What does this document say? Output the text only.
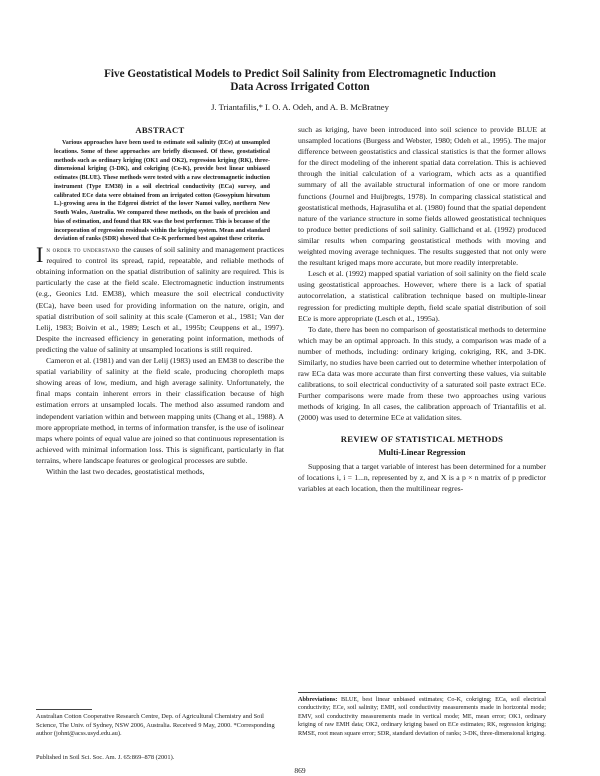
Five Geostatistical Models to Predict Soil Salinity from Electromagnetic Induction
Data Across Irrigated Cotton
J. Triantafilis,* I. O. A. Odeh, and A. B. McBratney
ABSTRACT

Various approaches have been used to estimate soil salinity (ECe) at unsampled locations. Some of these approaches are briefly discussed. Of these, geostatistical methods such as ordinary kriging (OK1 and OK2), regression kriging (RK), three-dimensional kriging (3-DK), and cokriging (Co-K), provide best linear unbiased estimates (BLUE). These methods were tested with a raw electromagnetic induction instrument (Type EM38) in a soil electrical conductivity (ECa) survey, and calibrated ECe data were obtained from an irrigated cotton (Gossypium hirsutum L.)-growing area in the Edgeroi district of the lower Namoi valley, northern New South Wales, Australia. We compared these methods, on the basis of precision and bias of estimation, and found that RK was the best performer. This is because of the incorporation of regression residuals within the kriging system. Mean and standard deviation of ranks (SDR) showed that Co-K performed best against these criteria.

In order to understand the causes of soil salinity and management practices required to control its spread, rapid, repeatable, and reliable methods of obtaining information on the spatial distribution of salinity are required. This is particularly the case at the field scale. Electromagnetic induction instruments (e.g., Geonics Ltd. EM38), which measure the soil electrical conductivity (ECa), have been used for providing information on the nature, origin, and spatial distribution of soil salinity at this scale (Cameron et al., 1981; Van der Lelij, 1983; Boivin et al., 1989; Lesch et al., 1995b; Ceuppens et al., 1997). Despite the increased efficiency in generating point information, methods of predicting the value of salinity at unsampled locations is still required.

Cameron et al. (1981) and van der Lelij (1983) used an EM38 to describe the spatial variability of salinity at the field scale, producing choropleth maps showing areas of low, medium, and high average salinity. Unfortunately, the final maps contain inherent errors in their classification because of high estimation errors at unsampled locals. The method also assumed random and independent variation within and between mapping units (Chang et al., 1988). A more appropriate method, in terms of information transfer, is the use of isolinear maps where points of equal value are joined so that continuous representation is achieved with minimal information loss. This is significant, particularly in flat terrains, where landscape features or geological processes are subtle.

Within the last two decades, geostatistical methods,

such as kriging, have been introduced into soil science to provide BLUE at unsampled locations (Burgess and Webster, 1980; Odeh et al., 1995). The major difference between geostatistics and classical statistics is that the former allows for the direct modeling of the inherent spatial data correlation. This is achieved through the initial calculation of a variogram, which acts as a quantified summary of all the available structural information of one or more random functions (Journel and Huijbregts, 1978). In comparing classical statistical and geostatistical methods, Hajrasuliha et al. (1980) found that the spatial dependent nature of the variance structure in some fields allowed geostatistical techniques to produce better predictions of soil salinity. Gallichand et al. (1992) produced similar results when comparing geostatistical methods with moving and weighted moving average techniques. The results suggested that not only were the resultant kriged maps more accurate, but more readily interpretable.

Lesch et al. (1992) mapped spatial variation of soil salinity on the field scale using geostatistical approaches. However, where there is a lack of spatial autocorrelation, a statistical calibration technique based on multiple-linear regression for predicting multiple depth, field scale spatial distribution of soil ECe is more appropriate (Lesch et al., 1995a).

To date, there has been no comparison of geostatistical methods to determine which may be an optimal approach. In this study, a comparison was made of a number of methods, including: ordinary kriging, cokriging, RK, and 3-DK. Similarly, no studies have been carried out to determine whether interpolation of raw ECa data was more accurate than first converting these values, via suitable calibrations, to soil electrical conductivity of a saturated soil paste extract ECe. Further comparisons were made from these two approaches using various methods of kriging. In all cases, the calibration approach of Triantafilis et al. (2000) was used to determine ECe at validation sites.

REVIEW OF STATISTICAL METHODS
Multi-Linear Regression

Supposing that a target variable of interest has been determined for a number of locations i, i = 1...n, represented by z, and X is a p × n matrix of p predictor variables at each location, then the multilinear regres-

Australian Cotton Cooperative Research Centre, Dep. of Agricultural Chemistry and Soil Science, The Univ. of Sydney, NSW 2006, Australia. Received 9 May, 2000. *Corresponding author (johnt@acss.usyd.edu.au).
Published in Soil Sci. Soc. Am. J. 65:869–878 (2001).
Abbreviations: BLUE, best linear unbiased estimates; Co-K, cokriging; ECa, soil electrical conductivity; ECe, soil salinity; EMH, soil conductivity measurements made in horizontal mode; EMV, soil conductivity measurements made in vertical mode; ME, mean error; OK1, ordinary kriging of raw EMH data; OK2, ordinary kriging based on ECe estimates; RK, regression kriging; RMSE, root mean square error; SDR, standard deviation of ranks; 3-DK, three-dimensional kriging.
869
